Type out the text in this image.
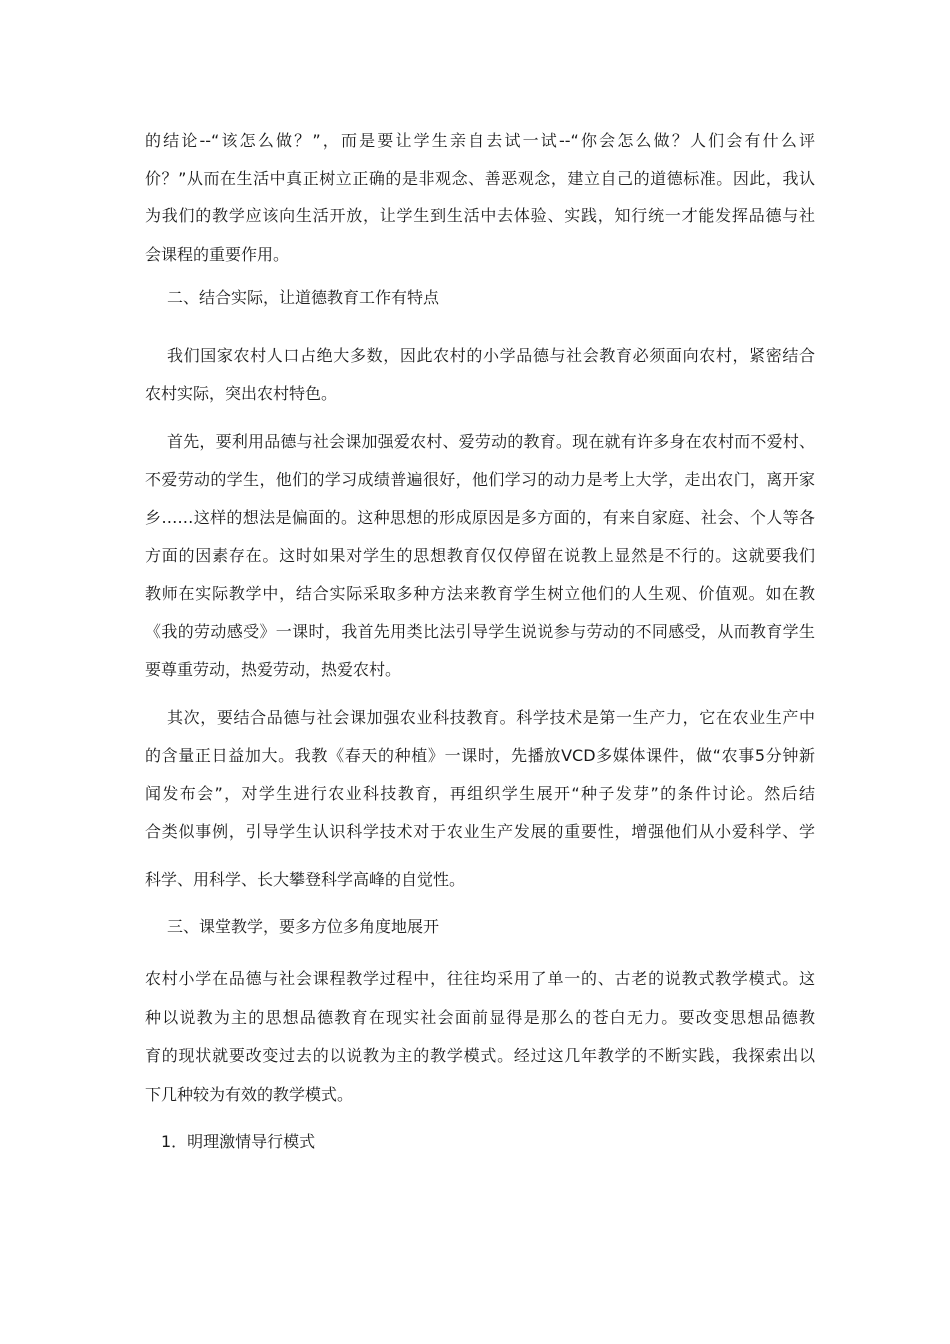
的结论--“该怎么做？”，而是要让学生亲自去试一试--“你会怎么做？人们会有什么评
价？”从而在生活中真正树立正确的是非观念、善恶观念，建立自己的道德标准。因此，我认
为我们的教学应该向生活开放，让学生到生活中去体验、实践，知行统一才能发挥品德与社
会课程的重要作用。
二、结合实际，让道德教育工作有特点
我们国家农村人口占绝大多数，因此农村的小学品德与社会教育必须面向农村，紧密结合
农村实际，突出农村特色。
首先，要利用品德与社会课加强爱农村、爱劳动的教育。现在就有许多身在农村而不爱村、
不爱劳动的学生，他们的学习成绩普遍很好，他们学习的动力是考上大学，走出农门，离开家
乡……这样的想法是偏面的。这种思想的形成原因是多方面的，有来自家庭、社会、个人等各
方面的因素存在。这时如果对学生的思想教育仅仅停留在说教上显然是不行的。这就要我们
教师在实际教学中，结合实际采取多种方法来教育学生树立他们的人生观、价值观。如在教
《我的劳动感受》一课时，我首先用类比法引导学生说说参与劳动的不同感受，从而教育学生
要尊重劳动，热爱劳动，热爱农村。
其次，要结合品德与社会课加强农业科技教育。科学技术是第一生产力，它在农业生产中
的含量正日益加大。我教《春天的种植》一课时，先播放VCD多媒体课件，做“农事5分钟新
闻发布会”，对学生进行农业科技教育，再组织学生展开“种子发芽”的条件讨论。然后结
合类似事例，引导学生认识科学技术对于农业生产发展的重要性，增强他们从小爱科学、学
科学、用科学、长大攀登科学高峰的自觉性。
三、课堂教学，要多方位多角度地展开
农村小学在品德与社会课程教学过程中，往往均采用了单一的、古老的说教式教学模式。这
种以说教为主的思想品德教育在现实社会面前显得是那么的苍白无力。要改变思想品德教
育的现状就要改变过去的以说教为主的教学模式。经过这几年教学的不断实践，我探索出以
下几种较为有效的教学模式。
1．明理激情导行模式
